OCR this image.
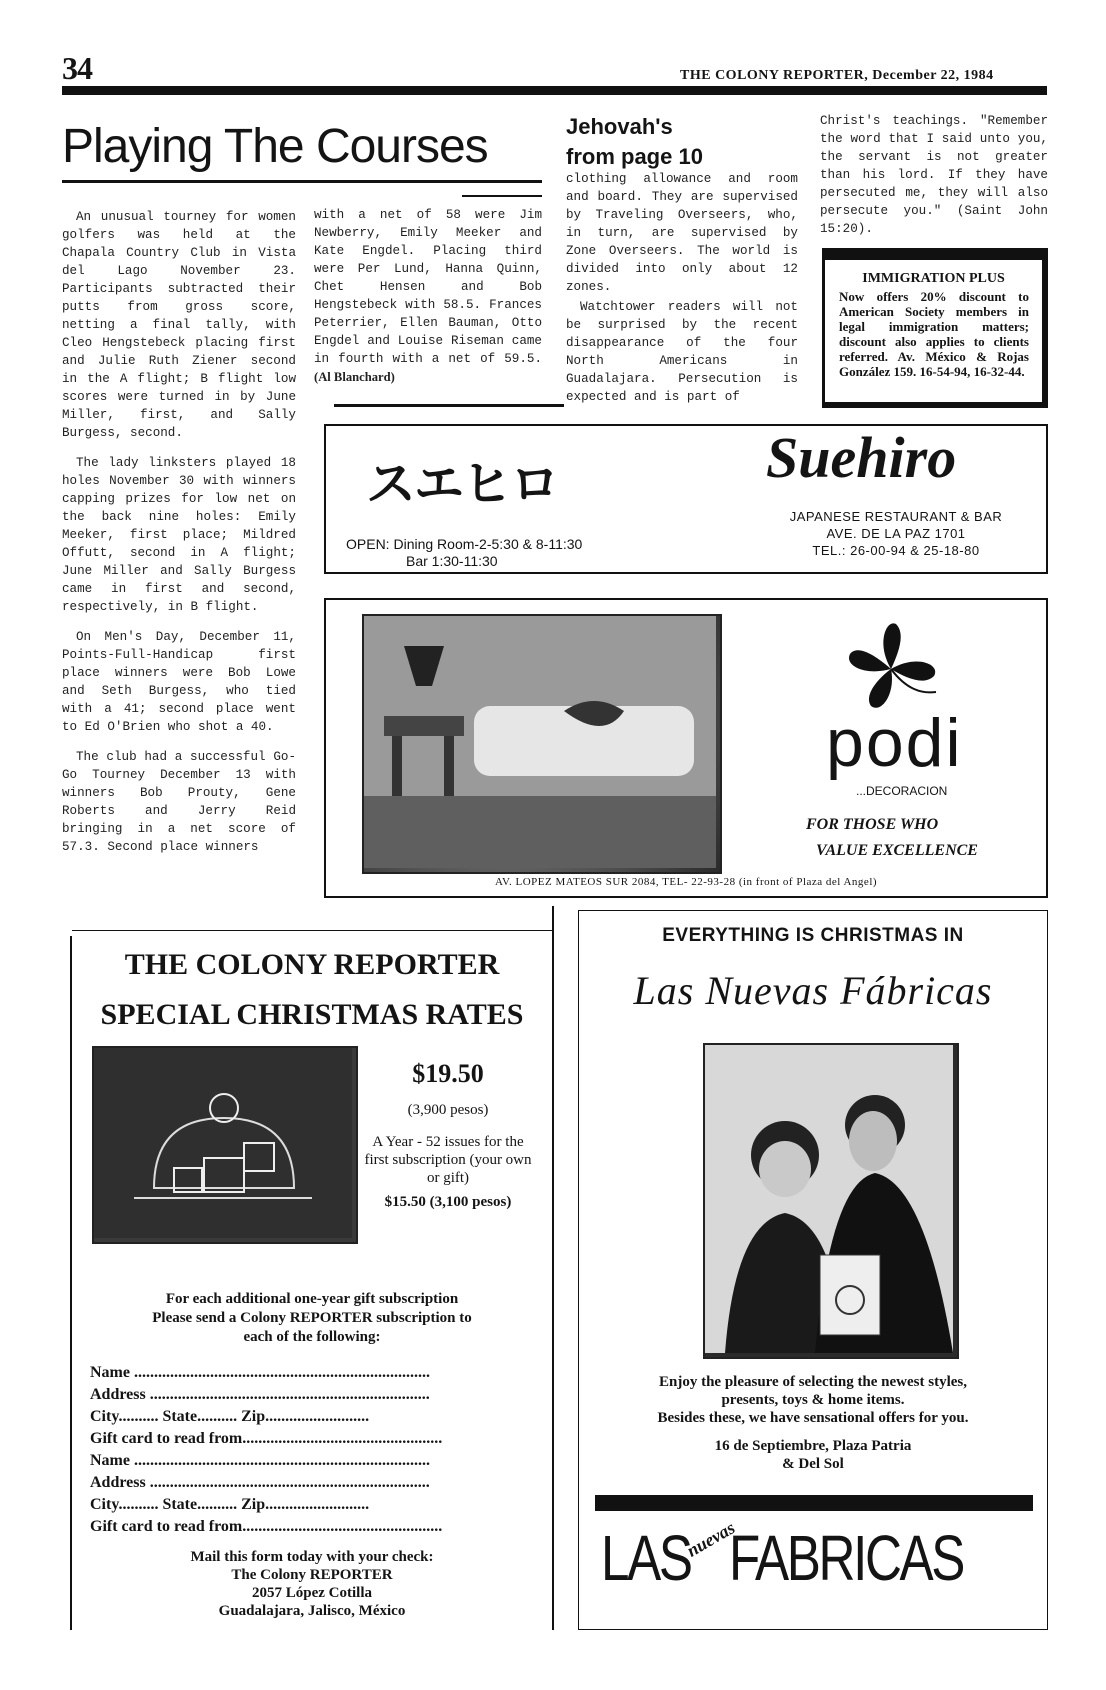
34	THE COLONY REPORTER, December 22, 1984
Playing The Courses

An unusual tourney for women golfers was held at the Chapala Country Club in Vista del Lago November 23. Participants subtracted their putts from gross score, netting a final tally, with Cleo Hengstebeck placing first and Julie Ruth Ziener second in the A flight; B flight low scores were turned in by June Miller, first, and Sally Burgess, second.

The lady linksters played 18 holes November 30 with winners capping prizes for low net on the back nine holes: Emily Meeker, first place; Mildred Offutt, second in A flight; June Miller and Sally Burgess came in first and second, respectively, in B flight.

On Men's Day, December 11, Points-Full-Handicap first place winners were Bob Lowe and Seth Burgess, who tied with a 41; second place went to Ed O'Brien who shot a 40.

The club had a successful Go-Go Tourney December 13 with winners Bob Prouty, Gene Roberts and Jerry Reid bringing in a net score of 57.3. Second place winners

with a net of 58 were Jim Newberry, Emily Meeker and Kate Engdel. Placing third were Per Lund, Hanna Quinn, Chet Hensen and Bob Hengstebeck with 58.5. Frances Peterrier, Ellen Bauman, Otto Engdel and Louise Riseman came in fourth with a net of 59.5. (Al Blanchard)
Jehovah's
from page 10

clothing allowance and room and board. They are supervised by Traveling Overseers, who, in turn, are supervised by Zone Overseers. The world is divided into only about 12 zones.

Watchtower readers will not be surprised by the recent disappearance of the four North Americans in Guadalajara. Persecution is expected and is part of

Christ's teachings. "Remember the word that I said unto you, the servant is not greater than his lord. If they have persecuted me, they will also persecute you." (Saint John 15:20).
IMMIGRATION PLUS
Now offers 20% discount to American Society members in legal immigration matters; discount also applies to clients referred. Av. México & Rojas González 159. 16-54-94, 16-32-44.
スエヒロ
OPEN: Dining Room-2-5:30 & 8-11:30
Bar 1:30-11:30
Suehiro
JAPANESE RESTAURANT & BAR
AVE. DE LA PAZ 1701
TEL.: 26-00-94 & 25-18-80
podi
...DECORACION
FOR THOSE WHO
VALUE EXCELLENCE
AV. LOPEZ MATEOS SUR 2084, TEL- 22-93-28 (in front of Plaza del Angel)
THE COLONY REPORTER
SPECIAL CHRISTMAS RATES
$19.50
(3,900 pesos)
A Year - 52 issues for the first subscription (your own or gift)
$15.50 (3,100 pesos)
For each additional one-year gift subscription
Please send a Colony REPORTER subscription to
each of the following:
Name ..........................................................................
Address ......................................................................
City.......... State.......... Zip..........................
Gift card to read from..................................................
Name ..........................................................................
Address ......................................................................
City.......... State.......... Zip..........................
Gift card to read from..................................................
Mail this form today with your check:
The Colony REPORTER
2057 López Cotilla
Guadalajara, Jalisco, México
EVERYTHING IS CHRISTMAS IN
Las Nuevas Fábricas
Enjoy the pleasure of selecting the newest styles,
presents, toys & home items.
Besides these, we have sensational offers for you.
16 de Septiembre, Plaza Patria
& Del Sol
LAS
nuevas
FABRICAS
